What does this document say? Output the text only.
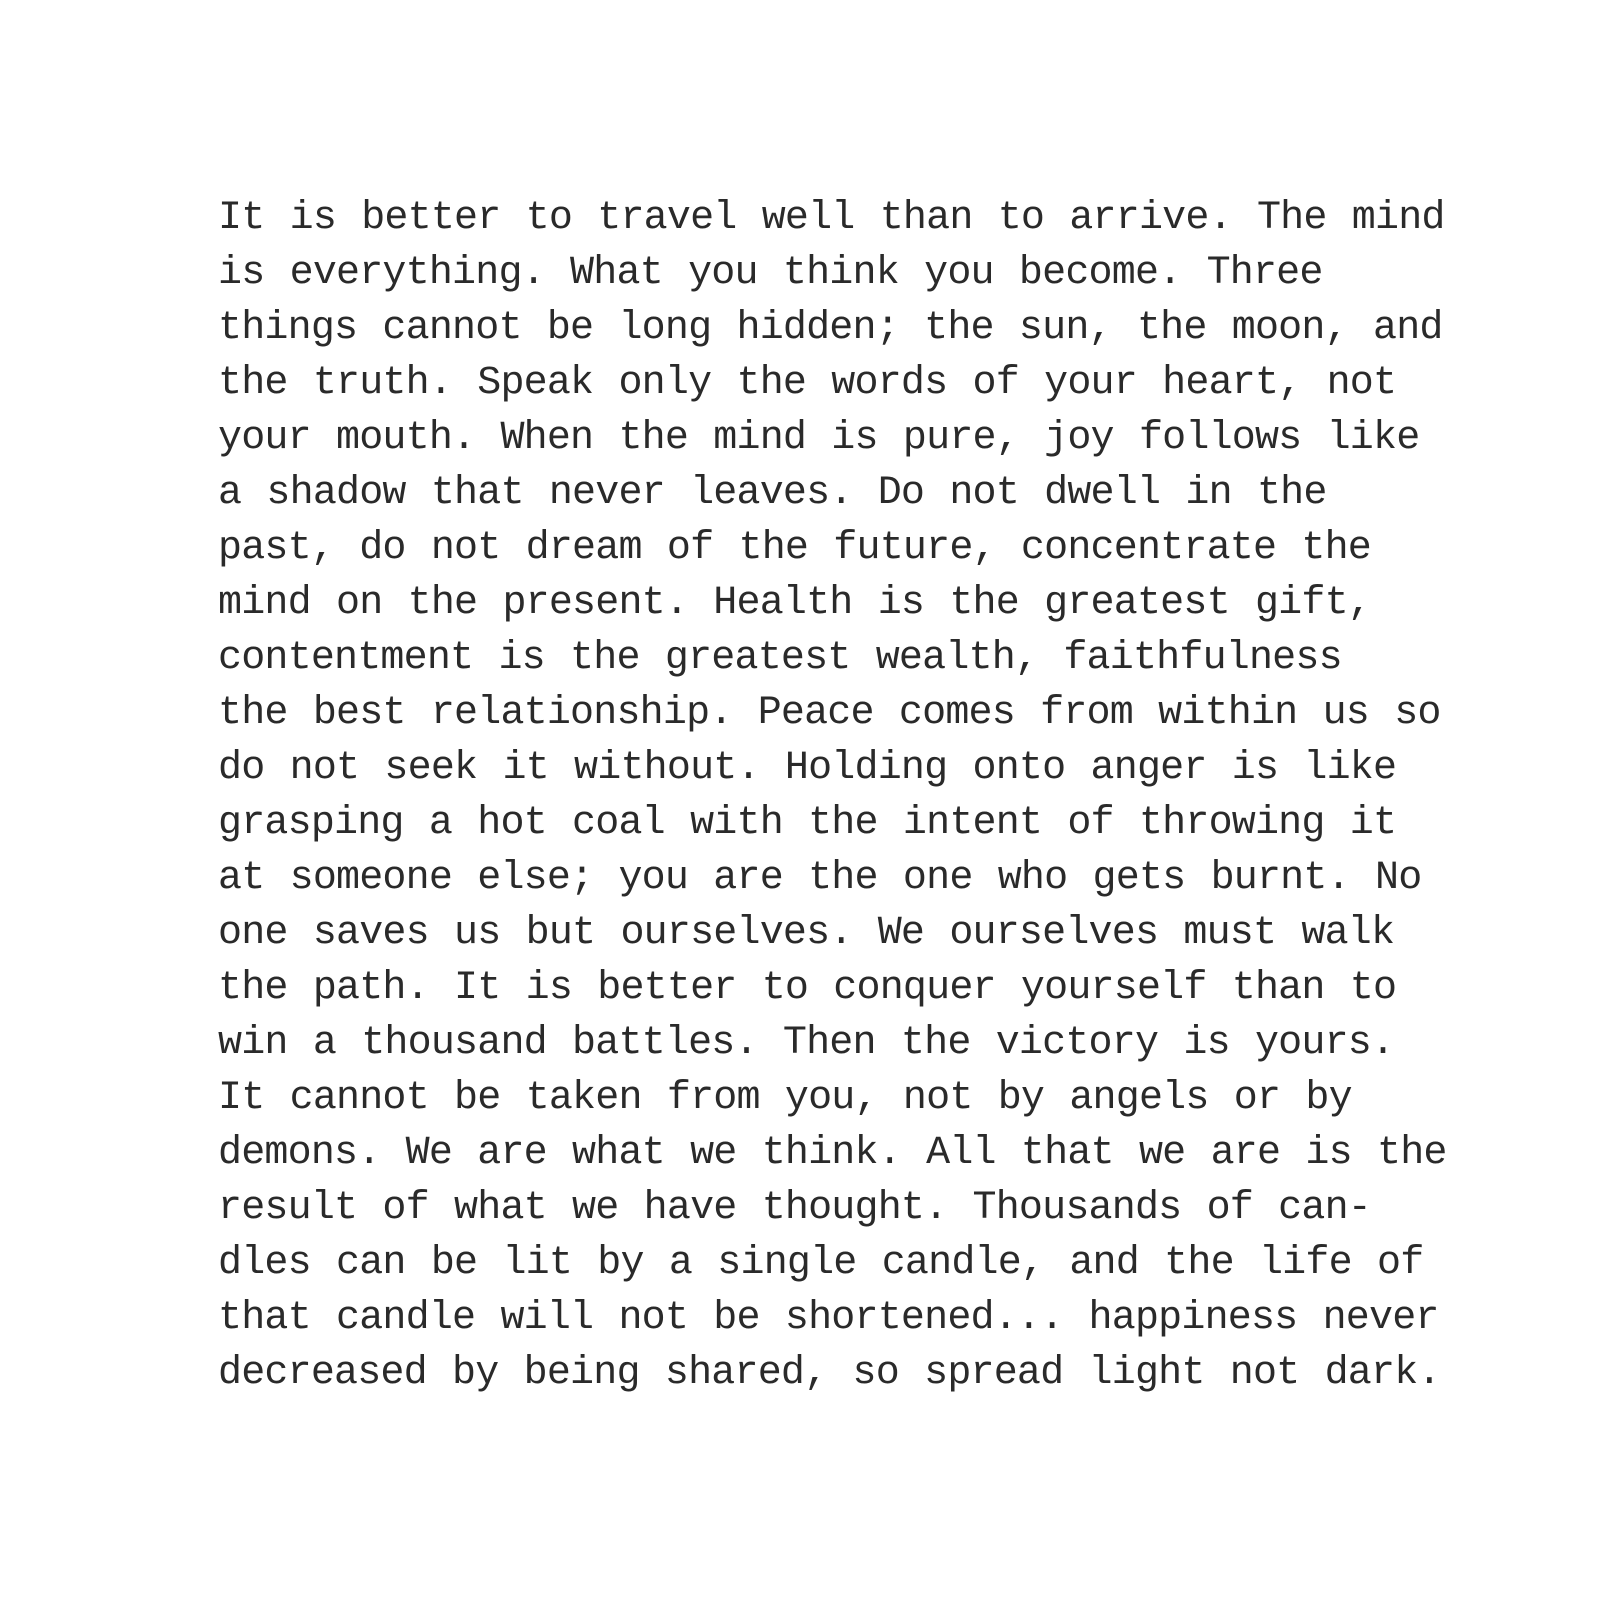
It is better to travel well than to arrive. The mind
is everything. What you think you become. Three
things cannot be long hidden; the sun, the moon, and
the truth. Speak only the words of your heart, not
your mouth. When the mind is pure, joy follows like
a shadow that never leaves. Do not dwell in the
past, do not dream of the future, concentrate the
mind on the present. Health is the greatest gift,
contentment is the greatest wealth, faithfulness
the best relationship. Peace comes from within us so
do not seek it without. Holding onto anger is like
grasping a hot coal with the intent of throwing it
at someone else; you are the one who gets burnt. No
one saves us but ourselves. We ourselves must walk
the path. It is better to conquer yourself than to
win a thousand battles. Then the victory is yours.
It cannot be taken from you, not by angels or by
demons. We are what we think. All that we are is the
result of what we have thought. Thousands of can-
dles can be lit by a single candle, and the life of
that candle will not be shortened... happiness never
decreased by being shared, so spread light not dark.
